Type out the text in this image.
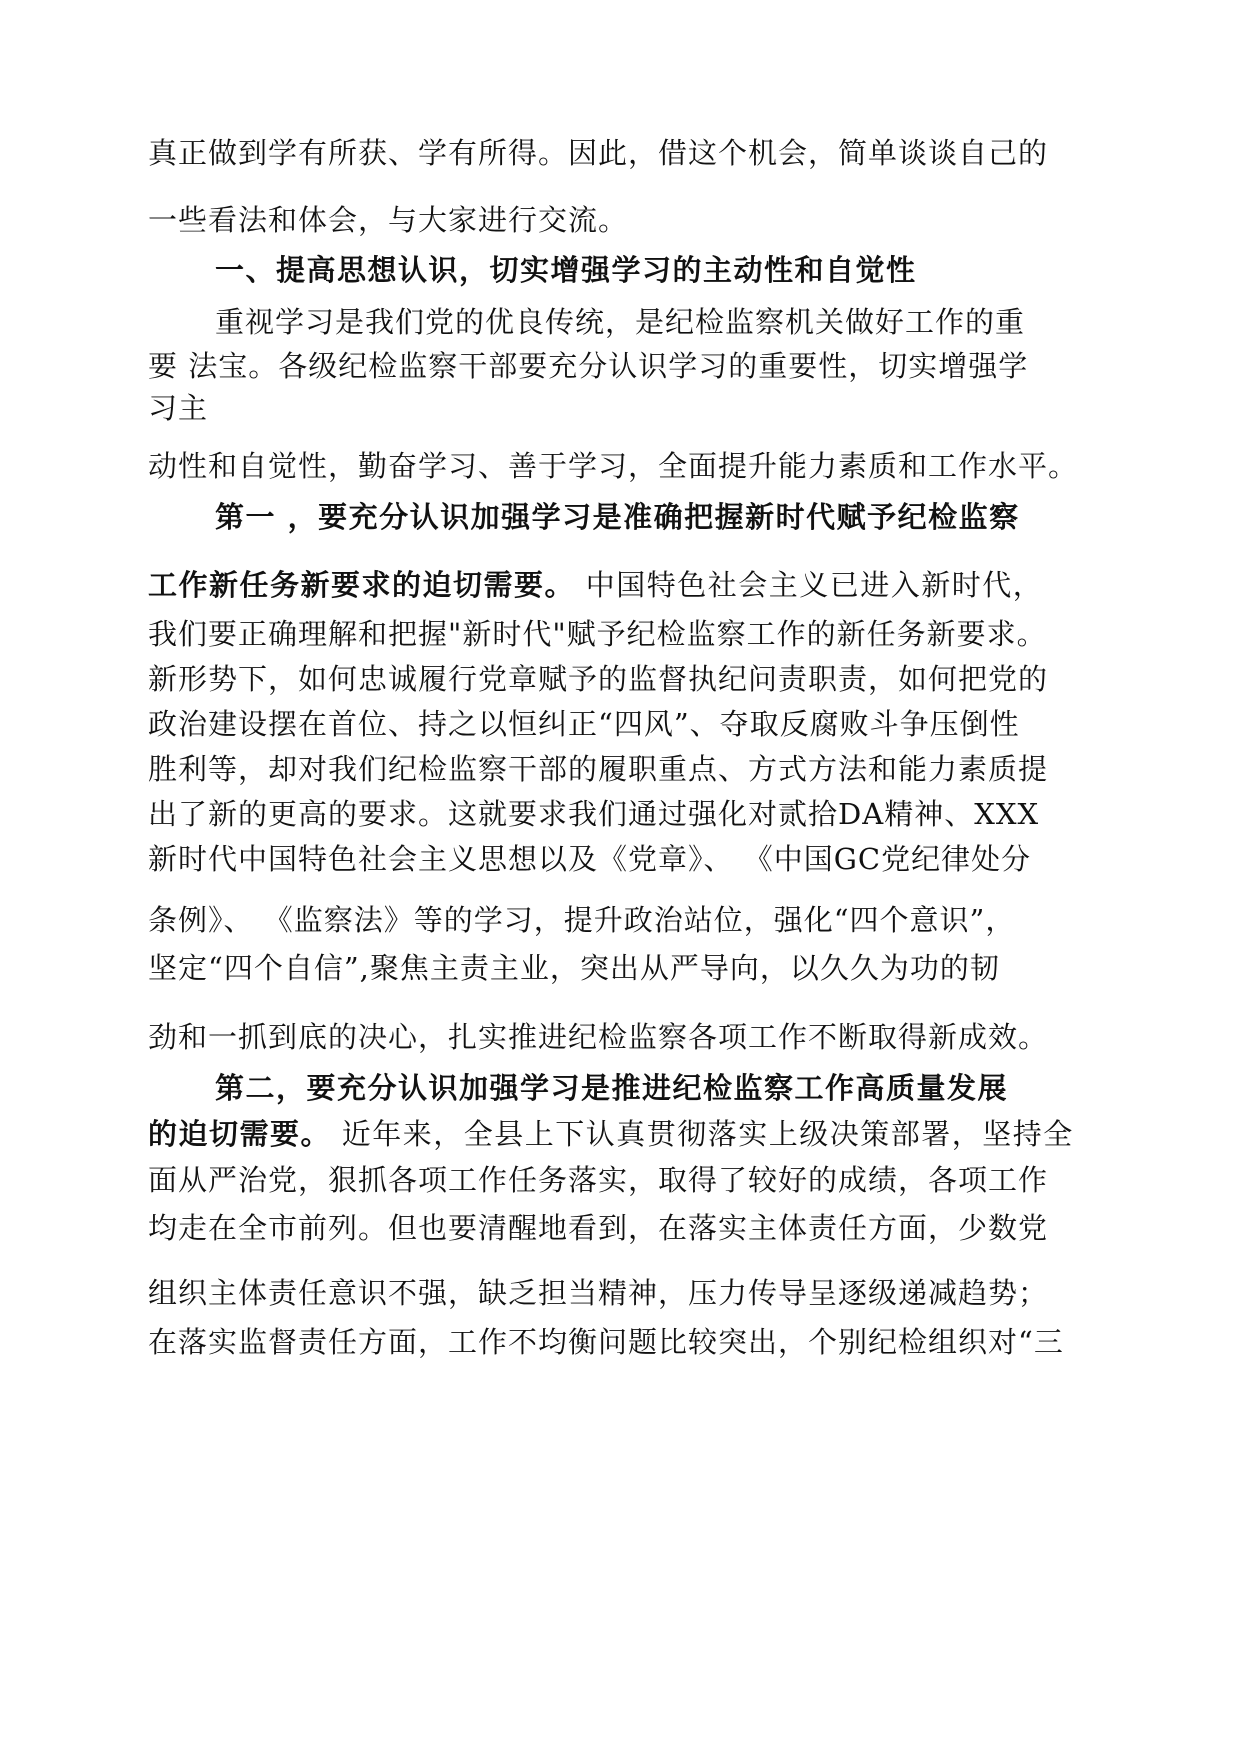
真正做到学有所获、学有所得。因此，借这个机会，简单谈谈自己的
一些看法和体会，与大家进行交流。
一、提高思想认识，切实增强学习的主动性和自觉性
重视学习是我们党的优良传统，是纪检监察机关做好工作的重
要 法宝。各级纪检监察干部要充分认识学习的重要性，切实增强学
习主
动性和自觉性，勤奋学习、善于学习，全面提升能力素质和工作水平。
第一 ，要充分认识加强学习是准确把握新时代赋予纪检监察
工作新任务新要求的迫切需要。 中国特色社会主义已进入新时代，
我们要正确理解和把握"新时代"赋予纪检监察工作的新任务新要求。
新形势下，如何忠诚履行党章赋予的监督执纪问责职责，如何把党的
政治建设摆在首位、持之以恒纠正“四风”、夺取反腐败斗争压倒性
胜利等，却对我们纪检监察干部的履职重点、方式方法和能力素质提
出了新的更高的要求。这就要求我们通过强化对贰拾DA精神、XXX
新时代中国特色社会主义思想以及《党章》、 《中国GC党纪律处分
条例》、 《监察法》等的学习，提升政治站位，强化“四个意识”，
坚定“四个自信”,聚焦主责主业，突出从严导向，以久久为功的韧
劲和一抓到底的决心，扎实推进纪检监察各项工作不断取得新成效。
第二，要充分认识加强学习是推进纪检监察工作高质量发展
的迫切需要。 近年来，全县上下认真贯彻落实上级决策部署，坚持全
面从严治党，狠抓各项工作任务落实，取得了较好的成绩，各项工作
均走在全市前列。但也要清醒地看到，在落实主体责任方面，少数党
组织主体责任意识不强，缺乏担当精神，压力传导呈逐级递减趋势；
在落实监督责任方面，工作不均衡问题比较突出，个别纪检组织对“三
